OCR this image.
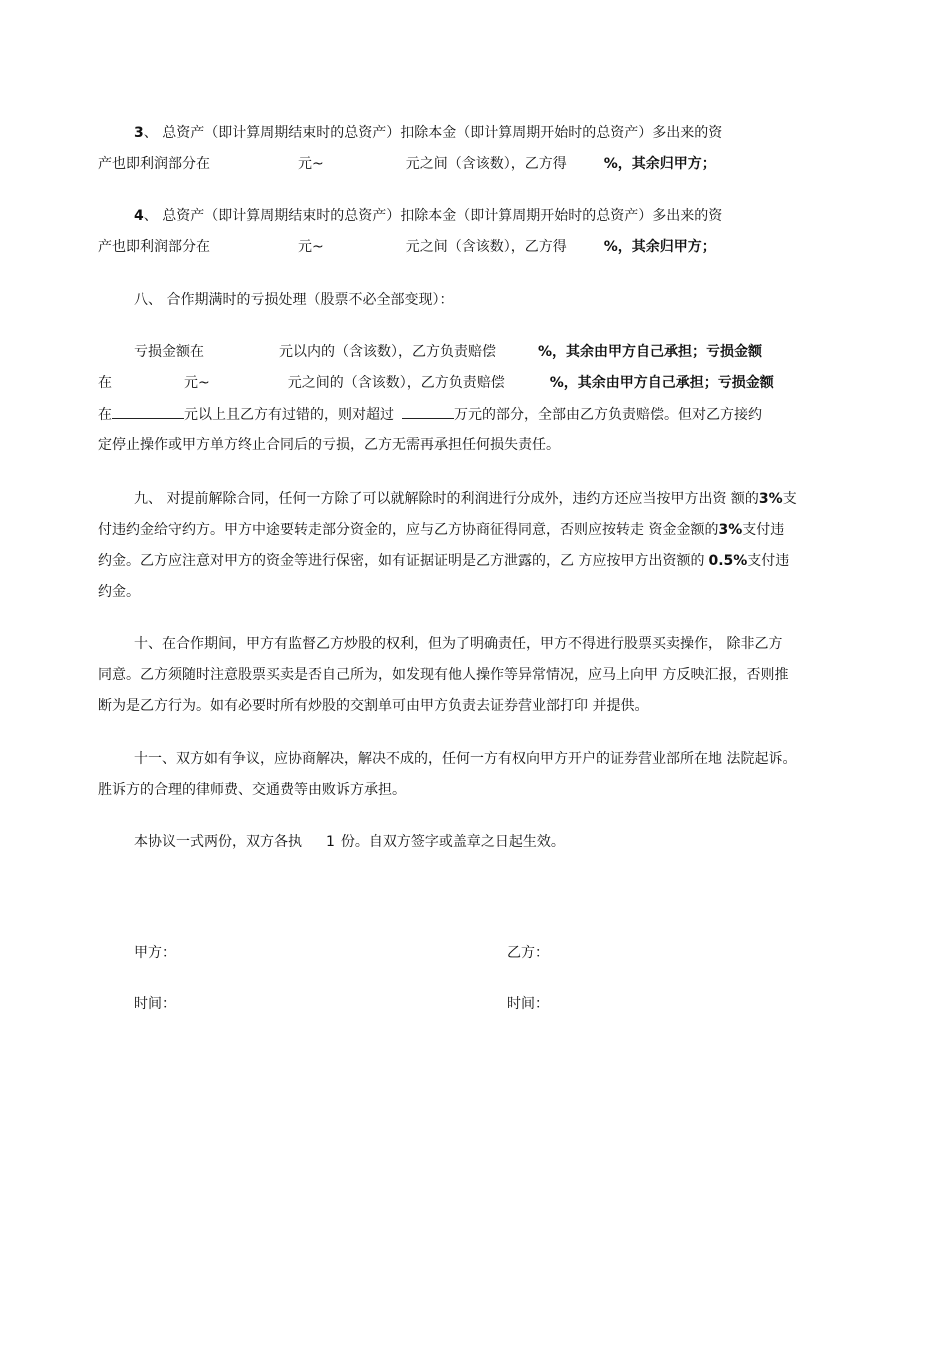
3、 总资产（即计算周期结束时的总资产）扣除本金（即计算周期开始时的总资产）多出来的资
产也即利润部分在	元~	元之间（含该数），乙方得	%，其余归甲方；
4、 总资产（即计算周期结束时的总资产）扣除本金（即计算周期开始时的总资产）多出来的资
产也即利润部分在	元~	元之间（含该数），乙方得	%，其余归甲方；
八、 合作期满时的亏损处理（股票不必全部变现）：
亏损金额在	元以内的（含该数），乙方负责赔偿	%，其余由甲方自己承担；亏损金额
在	元~	元之间的（含该数），乙方负责赔偿	%，其余由甲方自己承担；亏损金额
在	元以上且乙方有过错的，则对超过	万元的部分，全部由乙方负责赔偿。但对乙方接约
定停止操作或甲方单方终止合同后的亏损，乙方无需再承担任何损失责任。
九、 对提前解除合同，任何一方除了可以就解除时的利润进行分成外，违约方还应当按甲方出资 额的3%支
付违约金给守约方。甲方中途要转走部分资金的，应与乙方协商征得同意，否则应按转走 资金金额的3%支付违
约金。乙方应注意对甲方的资金等进行保密，如有证据证明是乙方泄露的，乙 方应按甲方出资额的 0.5%支付违
约金。
十、在合作期间，甲方有监督乙方炒股的权利，但为了明确责任，甲方不得进行股票买卖操作， 除非乙方
同意。乙方须随时注意股票买卖是否自己所为，如发现有他人操作等异常情况，应马上向甲 方反映汇报，否则推
断为是乙方行为。如有必要时所有炒股的交割单可由甲方负责去证券营业部打印 并提供。
十一、双方如有争议，应协商解决，解决不成的，任何一方有权向甲方开户的证券营业部所在地 法院起诉。
胜诉方的合理的律师费、交通费等由败诉方承担。
本协议一式两份，双方各执 1 份。自双方签字或盖章之日起生效。
甲方：	乙方：
时间：	时间：
